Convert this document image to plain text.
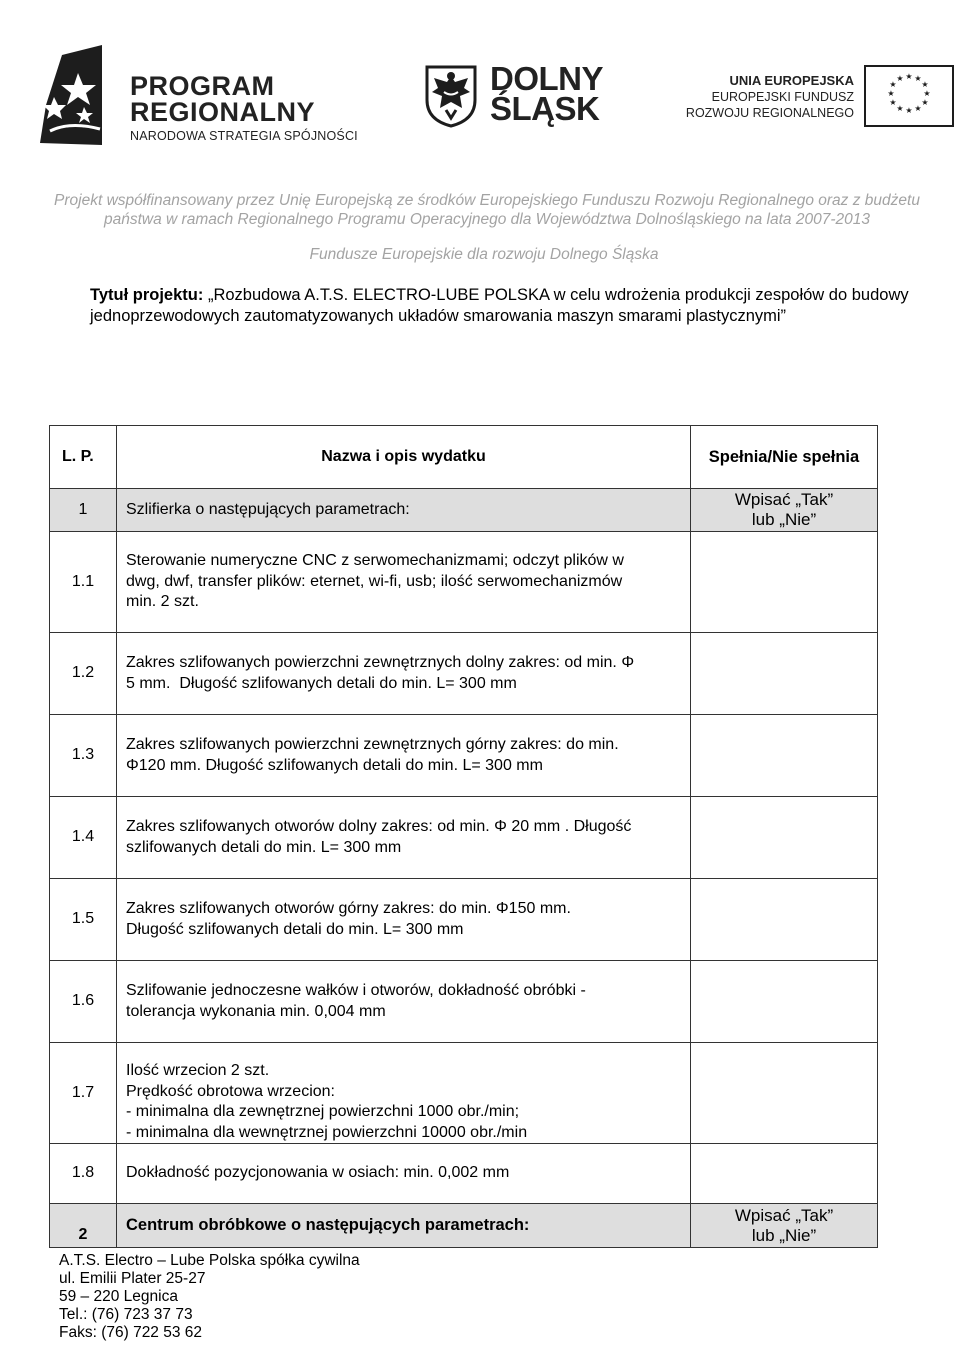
PROGRAM
REGIONALNY
NARODOWA STRATEGIA SPÓJNOŚCI
DOLNY
ŚLĄSK
UNIA EUROPEJSKA
EUROPEJSKI FUNDUSZ
ROZWOJU REGIONALNEGO
★ ★
★
★
★
★
★
★
★
★
★
★
Projekt współfinansowany przez Unię Europejską ze środków Europejskiego Funduszu Rozwoju Regionalnego oraz z budżetu
państwa w ramach Regionalnego Programu Operacyjnego dla Województwa Dolnośląskiego na lata 2007-2013
Fundusze Europejskie dla rozwoju Dolnego Śląska
Tytuł projektu: „Rozbudowa A.T.S. ELECTRO-LUBE POLSKA w celu wdrożenia produkcji zespołów do budowy jednoprzewodowych zautomatyzowanych układów smarowania maszyn smarami plastycznymi”
L. P.	Nazwa i opis wydatku	Spełnia/Nie spełnia
1	Szlifierka o następujących parametrach:	Wpisać „Tak”
lub „Nie”

1.1	Sterowanie numeryczne CNC z serwomechanizmami; odczyt plików w
dwg, dwf, transfer plików: eternet, wi-fi, usb; ilość serwomechanizmów
min. 2 szt.	

1.2	Zakres szlifowanych powierzchni zewnętrznych dolny zakres: od min. Φ
5 mm.  Długość szlifowanych detali do min. L= 300 mm	

1.3	Zakres szlifowanych powierzchni zewnętrznych górny zakres: do min.
Φ120 mm. Długość szlifowanych detali do min. L= 300 mm	

1.4	Zakres szlifowanych otworów dolny zakres: od min. Φ 20 mm . Długość
szlifowanych detali do min. L= 300 mm	

1.5	Zakres szlifowanych otworów górny zakres: do min. Φ150 mm.
Długość szlifowanych detali do min. L= 300 mm	

1.6	Szlifowanie jednoczesne wałków i otworów, dokładność obróbki -
tolerancja wykonania min. 0,004 mm	

1.7	Ilość wrzecion 2 szt.
Prędkość obrotowa wrzecion:
- minimalna dla zewnętrznej powierzchni 1000 obr./min;
- minimalna dla wewnętrznej powierzchni 10000 obr./min	

1.8	Dokładność pozycjonowania w osiach: min. 0,002 mm	

2	Centrum obróbkowe o następujących parametrach:	Wpisać „Tak”
lub „Nie”
A.T.S. Electro – Lube Polska spółka cywilna
ul. Emilii Plater 25-27
59 – 220 Legnica
Tel.: (76) 723 37 73
Faks: (76) 722 53 62
